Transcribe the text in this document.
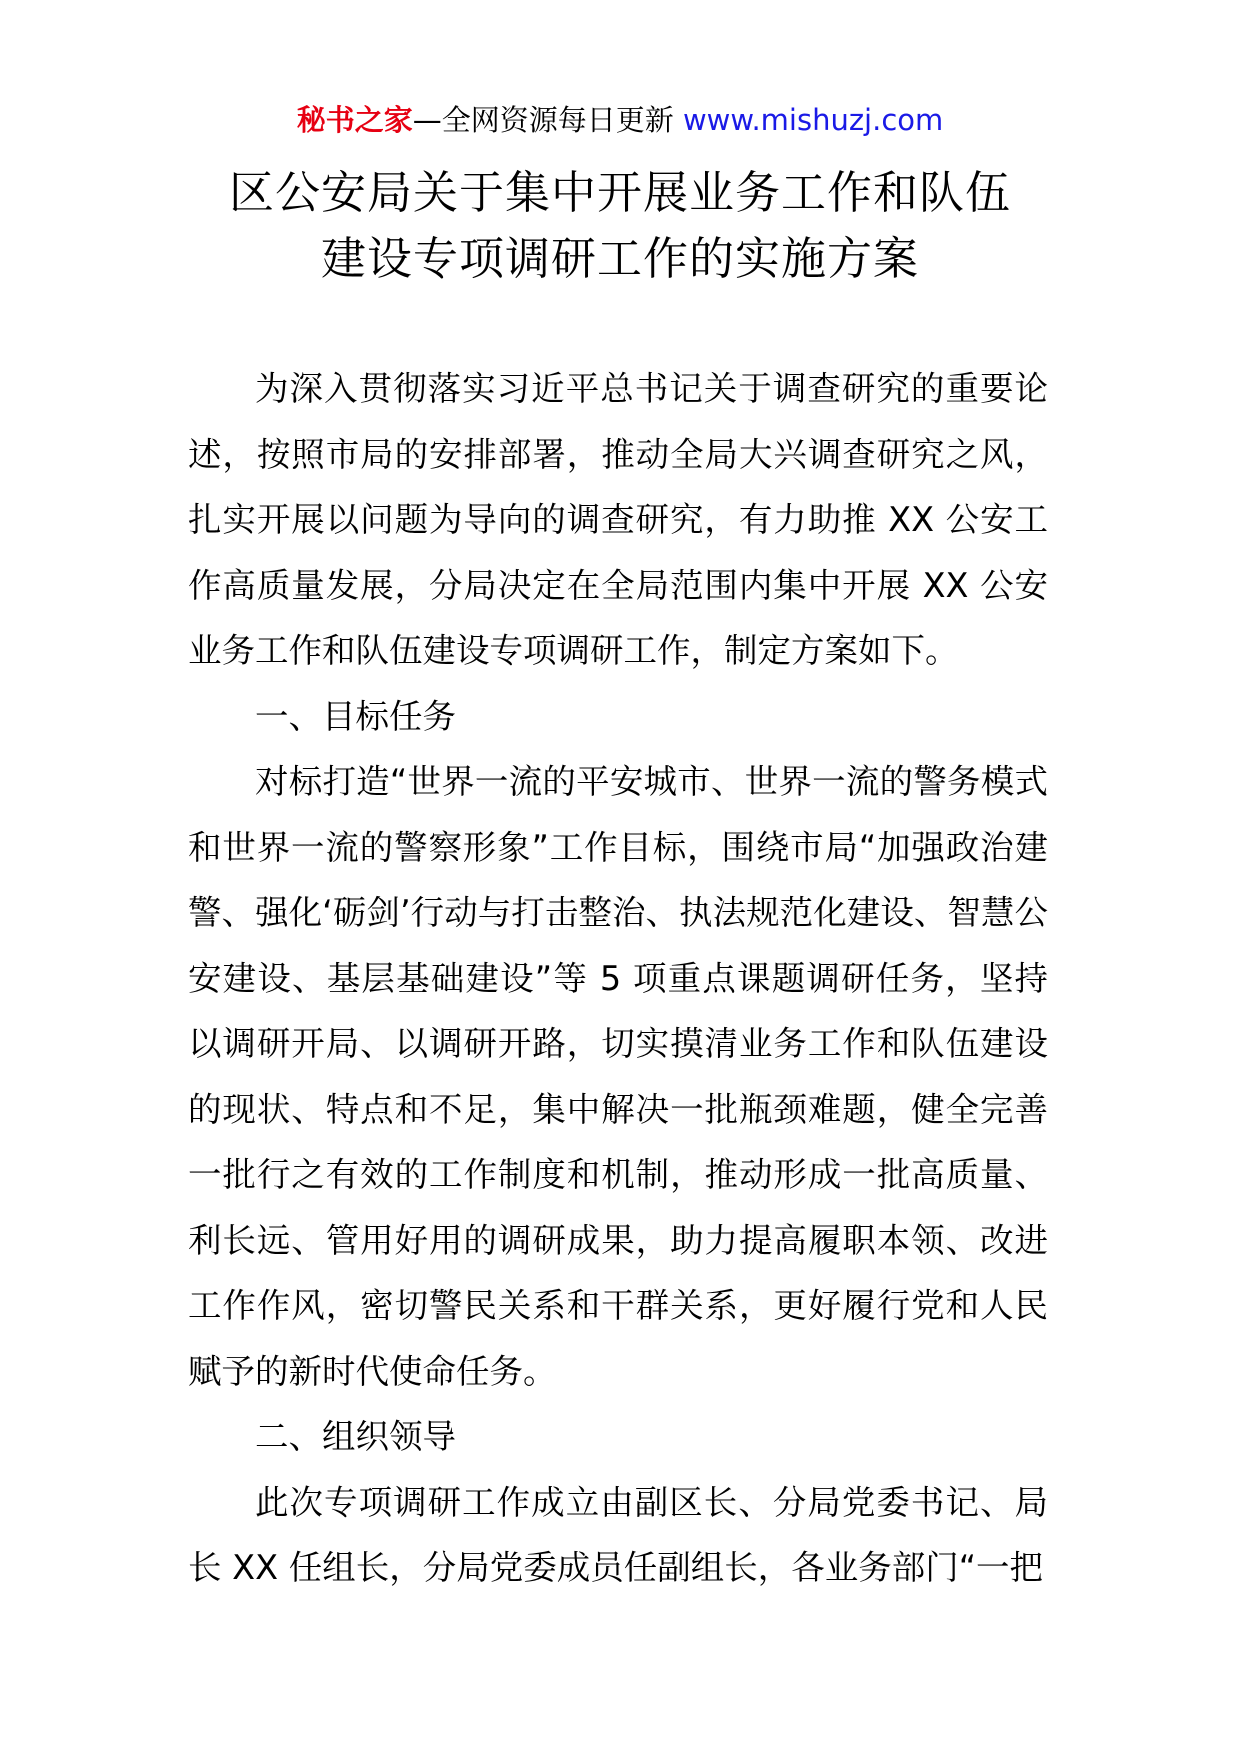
秘书之家—全网资源每日更新 www.mishuzj.com
区公安局关于集中开展业务工作和队伍
建设专项调研工作的实施方案

为深入贯彻落实习近平总书记关于调查研究的重要论述，按照市局的安排部署，推动全局大兴调查研究之风，扎实开展以问题为导向的调查研究，有力助推 XX 公安工作高质量发展，分局决定在全局范围内集中开展 XX 公安业务工作和队伍建设专项调研工作，制定方案如下。

一、目标任务

对标打造“世界一流的平安城市、世界一流的警务模式和世界一流的警察形象”工作目标，围绕市局“加强政治建警、强化‘砺剑’行动与打击整治、执法规范化建设、智慧公安建设、基层基础建设”等 5 项重点课题调研任务，坚持以调研开局、以调研开路，切实摸清业务工作和队伍建设的现状、特点和不足，集中解决一批瓶颈难题，健全完善一批行之有效的工作制度和机制，推动形成一批高质量、利长远、管用好用的调研成果，助力提高履职本领、改进工作作风，密切警民关系和干群关系，更好履行党和人民赋予的新时代使命任务。

二、组织领导

此次专项调研工作成立由副区长、分局党委书记、局长 XX 任组长，分局党委成员任副组长，各业务部门“一把
